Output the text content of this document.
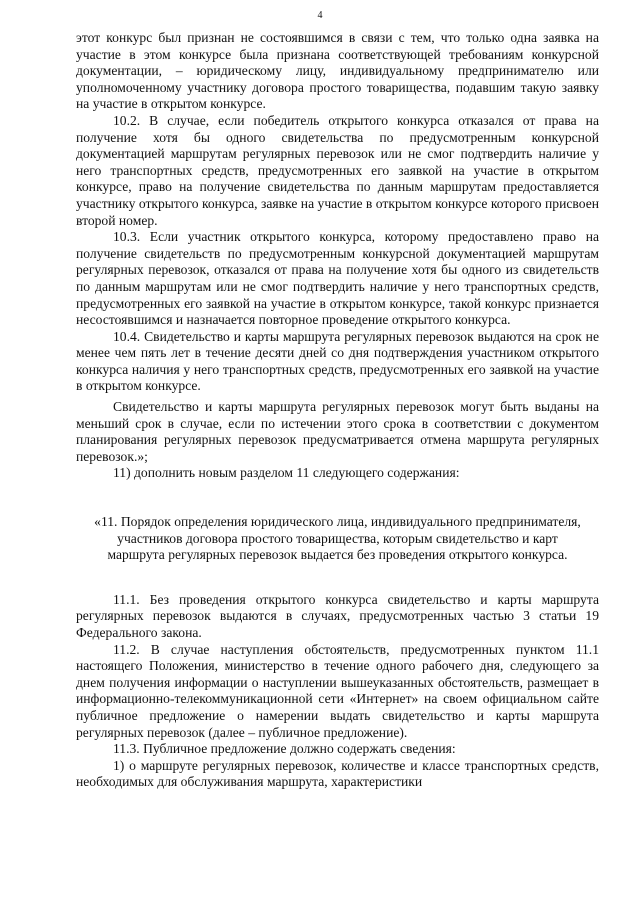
4

этот конкурс был признан не состоявшимся в связи с тем, что только одна заявка на участие в этом конкурсе была признана соответствующей требованиям конкурсной документации, – юридическому лицу, индивидуальному предпринимателю или уполномоченному участнику договора простого товарищества, подавшим такую заявку на участие в открытом конкурсе.

10.2. В случае, если победитель открытого конкурса отказался от права на получение хотя бы одного свидетельства по предусмотренным конкурсной документацией маршрутам регулярных перевозок или не смог подтвердить наличие у него транспортных средств, предусмотренных его заявкой на участие в открытом конкурсе, право на получение свидетельства по данным маршрутам предоставляется участнику открытого конкурса, заявке на участие в открытом конкурсе которого присвоен второй номер.

10.3. Если участник открытого конкурса, которому предоставлено право на получение свидетельств по предусмотренным конкурсной документацией маршрутам регулярных перевозок, отказался от права на получение хотя бы одного из свидетельств по данным маршрутам или не смог подтвердить наличие у него транспортных средств, предусмотренных его заявкой на участие в открытом конкурсе, такой конкурс признается несостоявшимся и назначается повторное проведение открытого конкурса.

10.4. Свидетельство и карты маршрута регулярных перевозок выдаются на срок не менее чем пять лет в течение десяти дней со дня подтверждения участником открытого конкурса наличия у него транспортных средств, предусмотренных его заявкой на участие в открытом конкурсе.

Свидетельство и карты маршрута регулярных перевозок могут быть выданы на меньший срок в случае, если по истечении этого срока в соответствии с документом планирования регулярных перевозок предусматривается отмена маршрута регулярных перевозок.»;

11) дополнить новым разделом 11 следующего содержания:

«11. Порядок определения юридического лица, индивидуального предпринимателя, участников договора простого товарищества, которым свидетельство и карт маршрута регулярных перевозок выдается без проведения открытого конкурса.

11.1. Без проведения открытого конкурса свидетельство и карты маршрута регулярных перевозок выдаются в случаях, предусмотренных частью 3 статьи 19 Федерального закона.

11.2. В случае наступления обстоятельств, предусмотренных пунктом 11.1 настоящего Положения, министерство в течение одного рабочего дня, следующего за днем получения информации о наступлении вышеуказанных обстоятельств, размещает в информационно-телекоммуникационной сети «Интернет» на своем официальном сайте публичное предложение о намерении выдать свидетельство и карты маршрута регулярных перевозок (далее – публичное предложение).

11.3. Публичное предложение должно содержать сведения:

1) о маршруте регулярных перевозок, количестве и классе транспортных средств, необходимых для обслуживания маршрута, характеристики
